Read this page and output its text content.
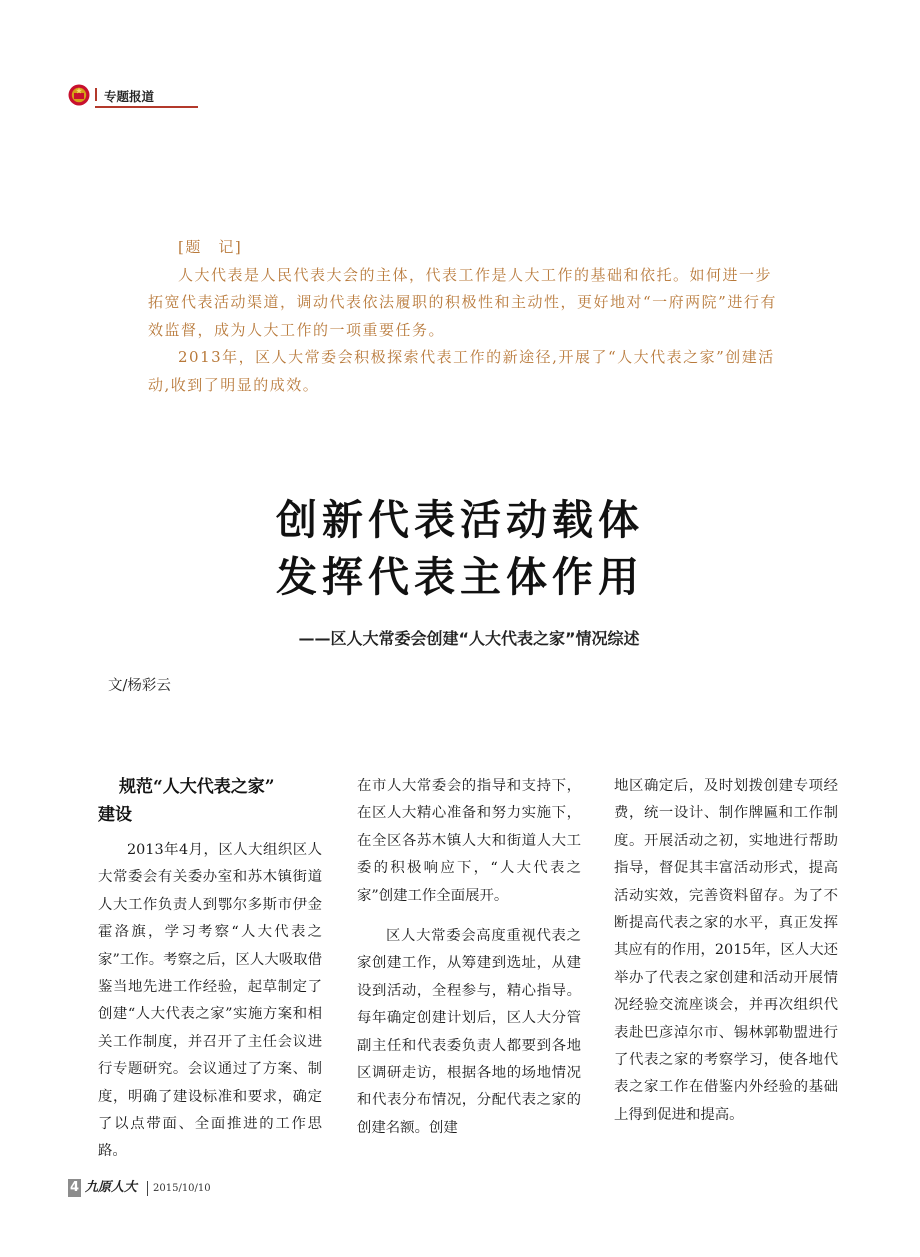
专题报道

[题　记]

人大代表是人民代表大会的主体，代表工作是人大工作的基础和依托。如何进一步拓宽代表活动渠道，调动代表依法履职的积极性和主动性，更好地对“一府两院”进行有效监督，成为人大工作的一项重要任务。

2013年，区人大常委会积极探索代表工作的新途径,开展了“人大代表之家”创建活动,收到了明显的成效。

创新代表活动载体
发挥代表主体作用
——区人大常委会创建“人大代表之家”情况综述
文/杨彩云
规范“人大代表之家”
建设

2013年4月，区人大组织区人大常委会有关委办室和苏木镇街道人大工作负责人到鄂尔多斯市伊金霍洛旗，学习考察“人大代表之家”工作。考察之后，区人大吸取借鉴当地先进工作经验，起草制定了创建“人大代表之家”实施方案和相关工作制度，并召开了主任会议进行专题研究。会议通过了方案、制度，明确了建设标准和要求，确定了以点带面、全面推进的工作思路。

在市人大常委会的指导和支持下，在区人大精心准备和努力实施下，在全区各苏木镇人大和街道人大工委的积极响应下，“人大代表之家”创建工作全面展开。

区人大常委会高度重视代表之家创建工作，从筹建到选址，从建设到活动，全程参与，精心指导。每年确定创建计划后，区人大分管副主任和代表委负责人都要到各地区调研走访，根据各地的场地情况和代表分布情况，分配代表之家的创建名额。创建

地区确定后，及时划拨创建专项经费，统一设计、制作牌匾和工作制度。开展活动之初，实地进行帮助指导，督促其丰富活动形式，提高活动实效，完善资料留存。为了不断提高代表之家的水平，真正发挥其应有的作用，2015年，区人大还举办了代表之家创建和活动开展情况经验交流座谈会，并再次组织代表赴巴彦淖尔市、锡林郭勒盟进行了代表之家的考察学习，使各地代表之家工作在借鉴内外经验的基础上得到促进和提高。

4 九原人大 2015/10/10
